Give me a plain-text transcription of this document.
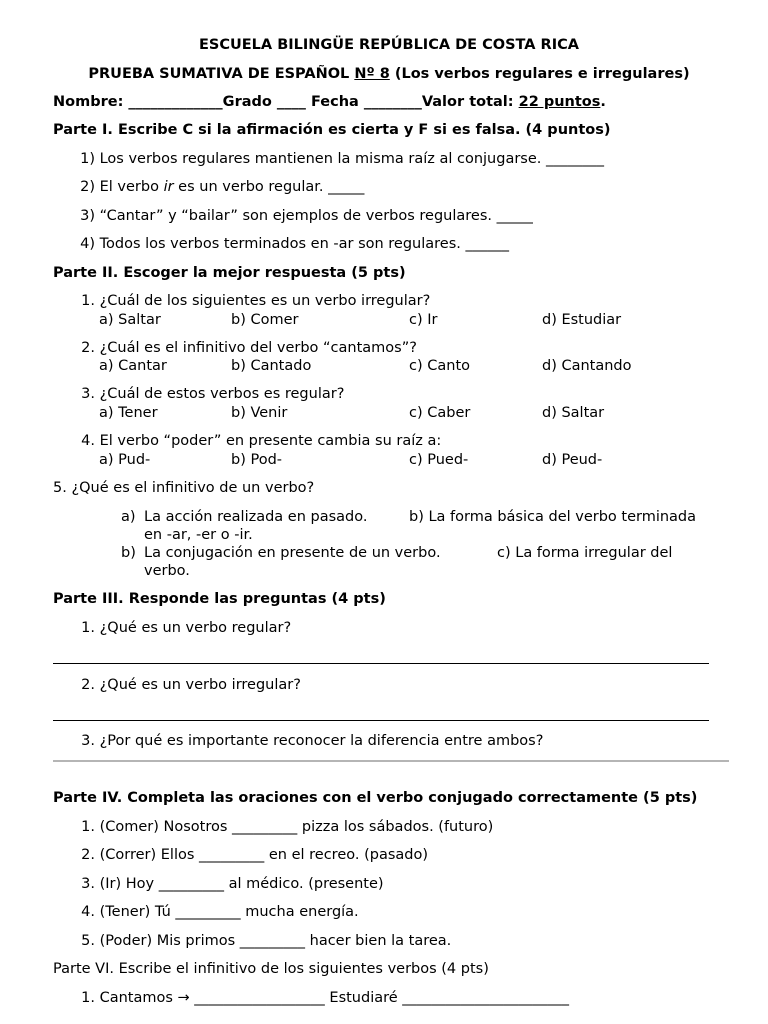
ESCUELA BILINGÜE REPÚBLICA DE COSTA RICA
PRUEBA SUMATIVA DE ESPAÑOL Nº 8 (Los verbos regulares e irregulares)
Nombre: _____________Grado ____ Fecha ________Valor total: 22 puntos.
Parte I. Escribe C si la afirmación es cierta y F si es falsa. (4 puntos)
1) Los verbos regulares mantienen la misma raíz al conjugarse. ________
2) El verbo ir es un verbo regular. _____
3) “Cantar” y “bailar” son ejemplos de verbos regulares. _____
4) Todos los verbos terminados en -ar son regulares. ______
Parte II. Escoger la mejor respuesta (5 pts)
1. ¿Cuál de los siguientes es un verbo irregular?
a) Saltar	b) Comer	c) Ir	d) Estudiar
2. ¿Cuál es el infinitivo del verbo “cantamos”?
a) Cantar	b) Cantado	c) Canto	d) Cantando
3. ¿Cuál de estos verbos es regular?
a) Tener	b) Venir	c) Caber	d) Saltar
4. El verbo “poder” en presente cambia su raíz a:
a) Pud-	b) Pod-	c) Pued-	d) Peud-
5. ¿Qué es el infinitivo de un verbo?
a) La acción realizada en pasado.	b) La forma básica del verbo terminada
en -ar, -er o -ir.
b) La conjugación en presente de un verbo.	c) La forma irregular del
verbo.
Parte III. Responde las preguntas (4 pts)
1. ¿Qué es un verbo regular?
2. ¿Qué es un verbo irregular?
3. ¿Por qué es importante reconocer la diferencia entre ambos?
Parte IV. Completa las oraciones con el verbo conjugado correctamente (5 pts)
1. (Comer) Nosotros _________ pizza los sábados. (futuro)
2. (Correr) Ellos _________ en el recreo. (pasado)
3. (Ir) Hoy _________ al médico. (presente)
4. (Tener) Tú _________ mucha energía.
5. (Poder) Mis primos _________ hacer bien la tarea.
Parte VI. Escribe el infinitivo de los siguientes verbos (4 pts)
1. Cantamos → __________________ Estudiaré _______________________
